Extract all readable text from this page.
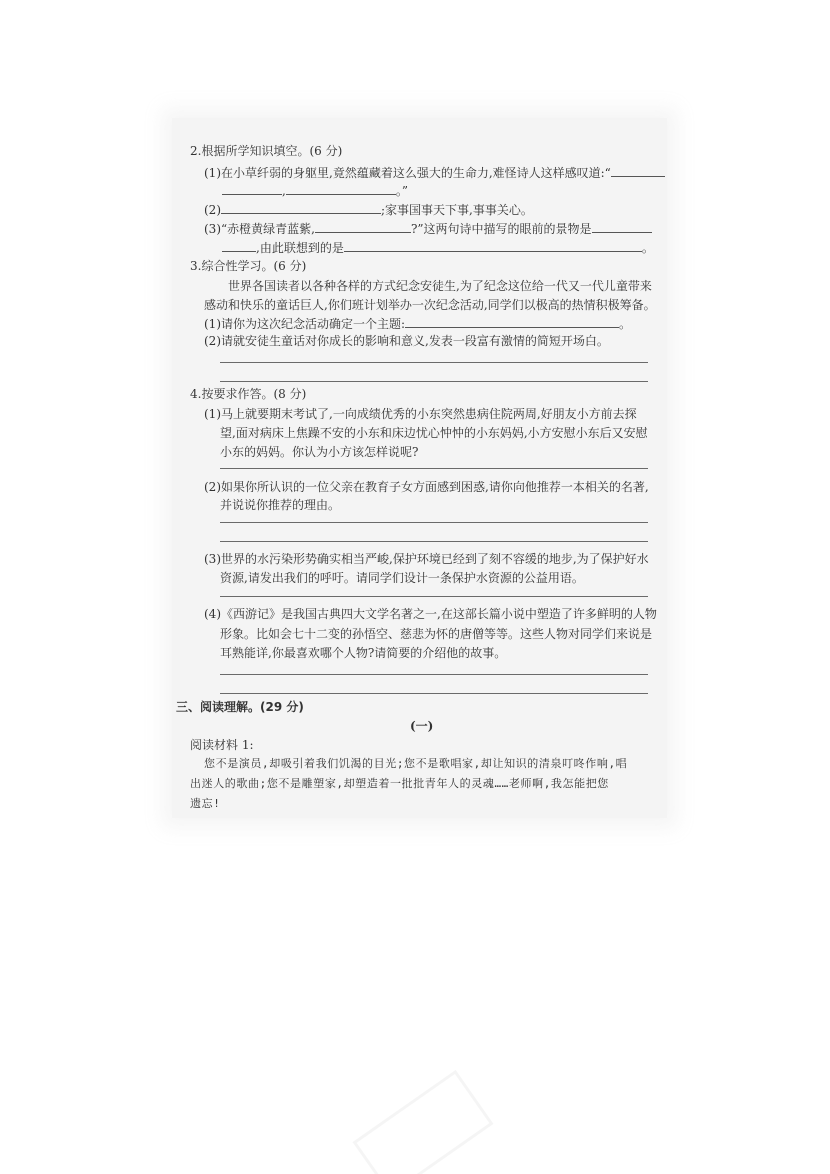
2.根据所学知识填空。(6 分)
(1)在小草纤弱的身躯里,竟然蕴藏着这么强大的生命力,难怪诗人这样感叹道:“
,	。”
(2)	;家事国事天下事,事事关心。
(3)“赤橙黄绿青蓝紫,	?”这两句诗中描写的眼前的景物是
,由此联想到的是	。
3.综合性学习。(6 分)
世界各国读者以各种各样的方式纪念安徒生,为了纪念这位给一代又一代儿童带来
感动和快乐的童话巨人,你们班计划举办一次纪念活动,同学们以极高的热情积极筹备。
(1)请你为这次纪念活动确定一个主题:	。
(2)请就安徒生童话对你成长的影响和意义,发表一段富有激情的简短开场白。
4.按要求作答。(8 分)
(1)马上就要期末考试了,一向成绩优秀的小东突然患病住院两周,好朋友小方前去探
望,面对病床上焦躁不安的小东和床边忧心忡忡的小东妈妈,小方安慰小东后又安慰
小东的妈妈。你认为小方该怎样说呢?
(2)如果你所认识的一位父亲在教育子女方面感到困惑,请你向他推荐一本相关的名著,
并说说你推荐的理由。
(3)世界的水污染形势确实相当严峻,保护环境已经到了刻不容缓的地步,为了保护好水
资源,请发出我们的呼吁。请同学们设计一条保护水资源的公益用语。
(4)《西游记》是我国古典四大文学名著之一,在这部长篇小说中塑造了许多鲜明的人物
形象。比如会七十二变的孙悟空、慈悲为怀的唐僧等等。这些人物对同学们来说是
耳熟能详,你最喜欢哪个人物?请简要的介绍他的故事。
三、阅读理解。(29 分)
(一)
阅读材料 1:
您不是演员,却吸引着我们饥渴的目光;您不是歌唱家,却让知识的清泉叮咚作响,唱
出迷人的歌曲;您不是雕塑家,却塑造着一批批青年人的灵魂……老师啊,我怎能把您
遗忘!
